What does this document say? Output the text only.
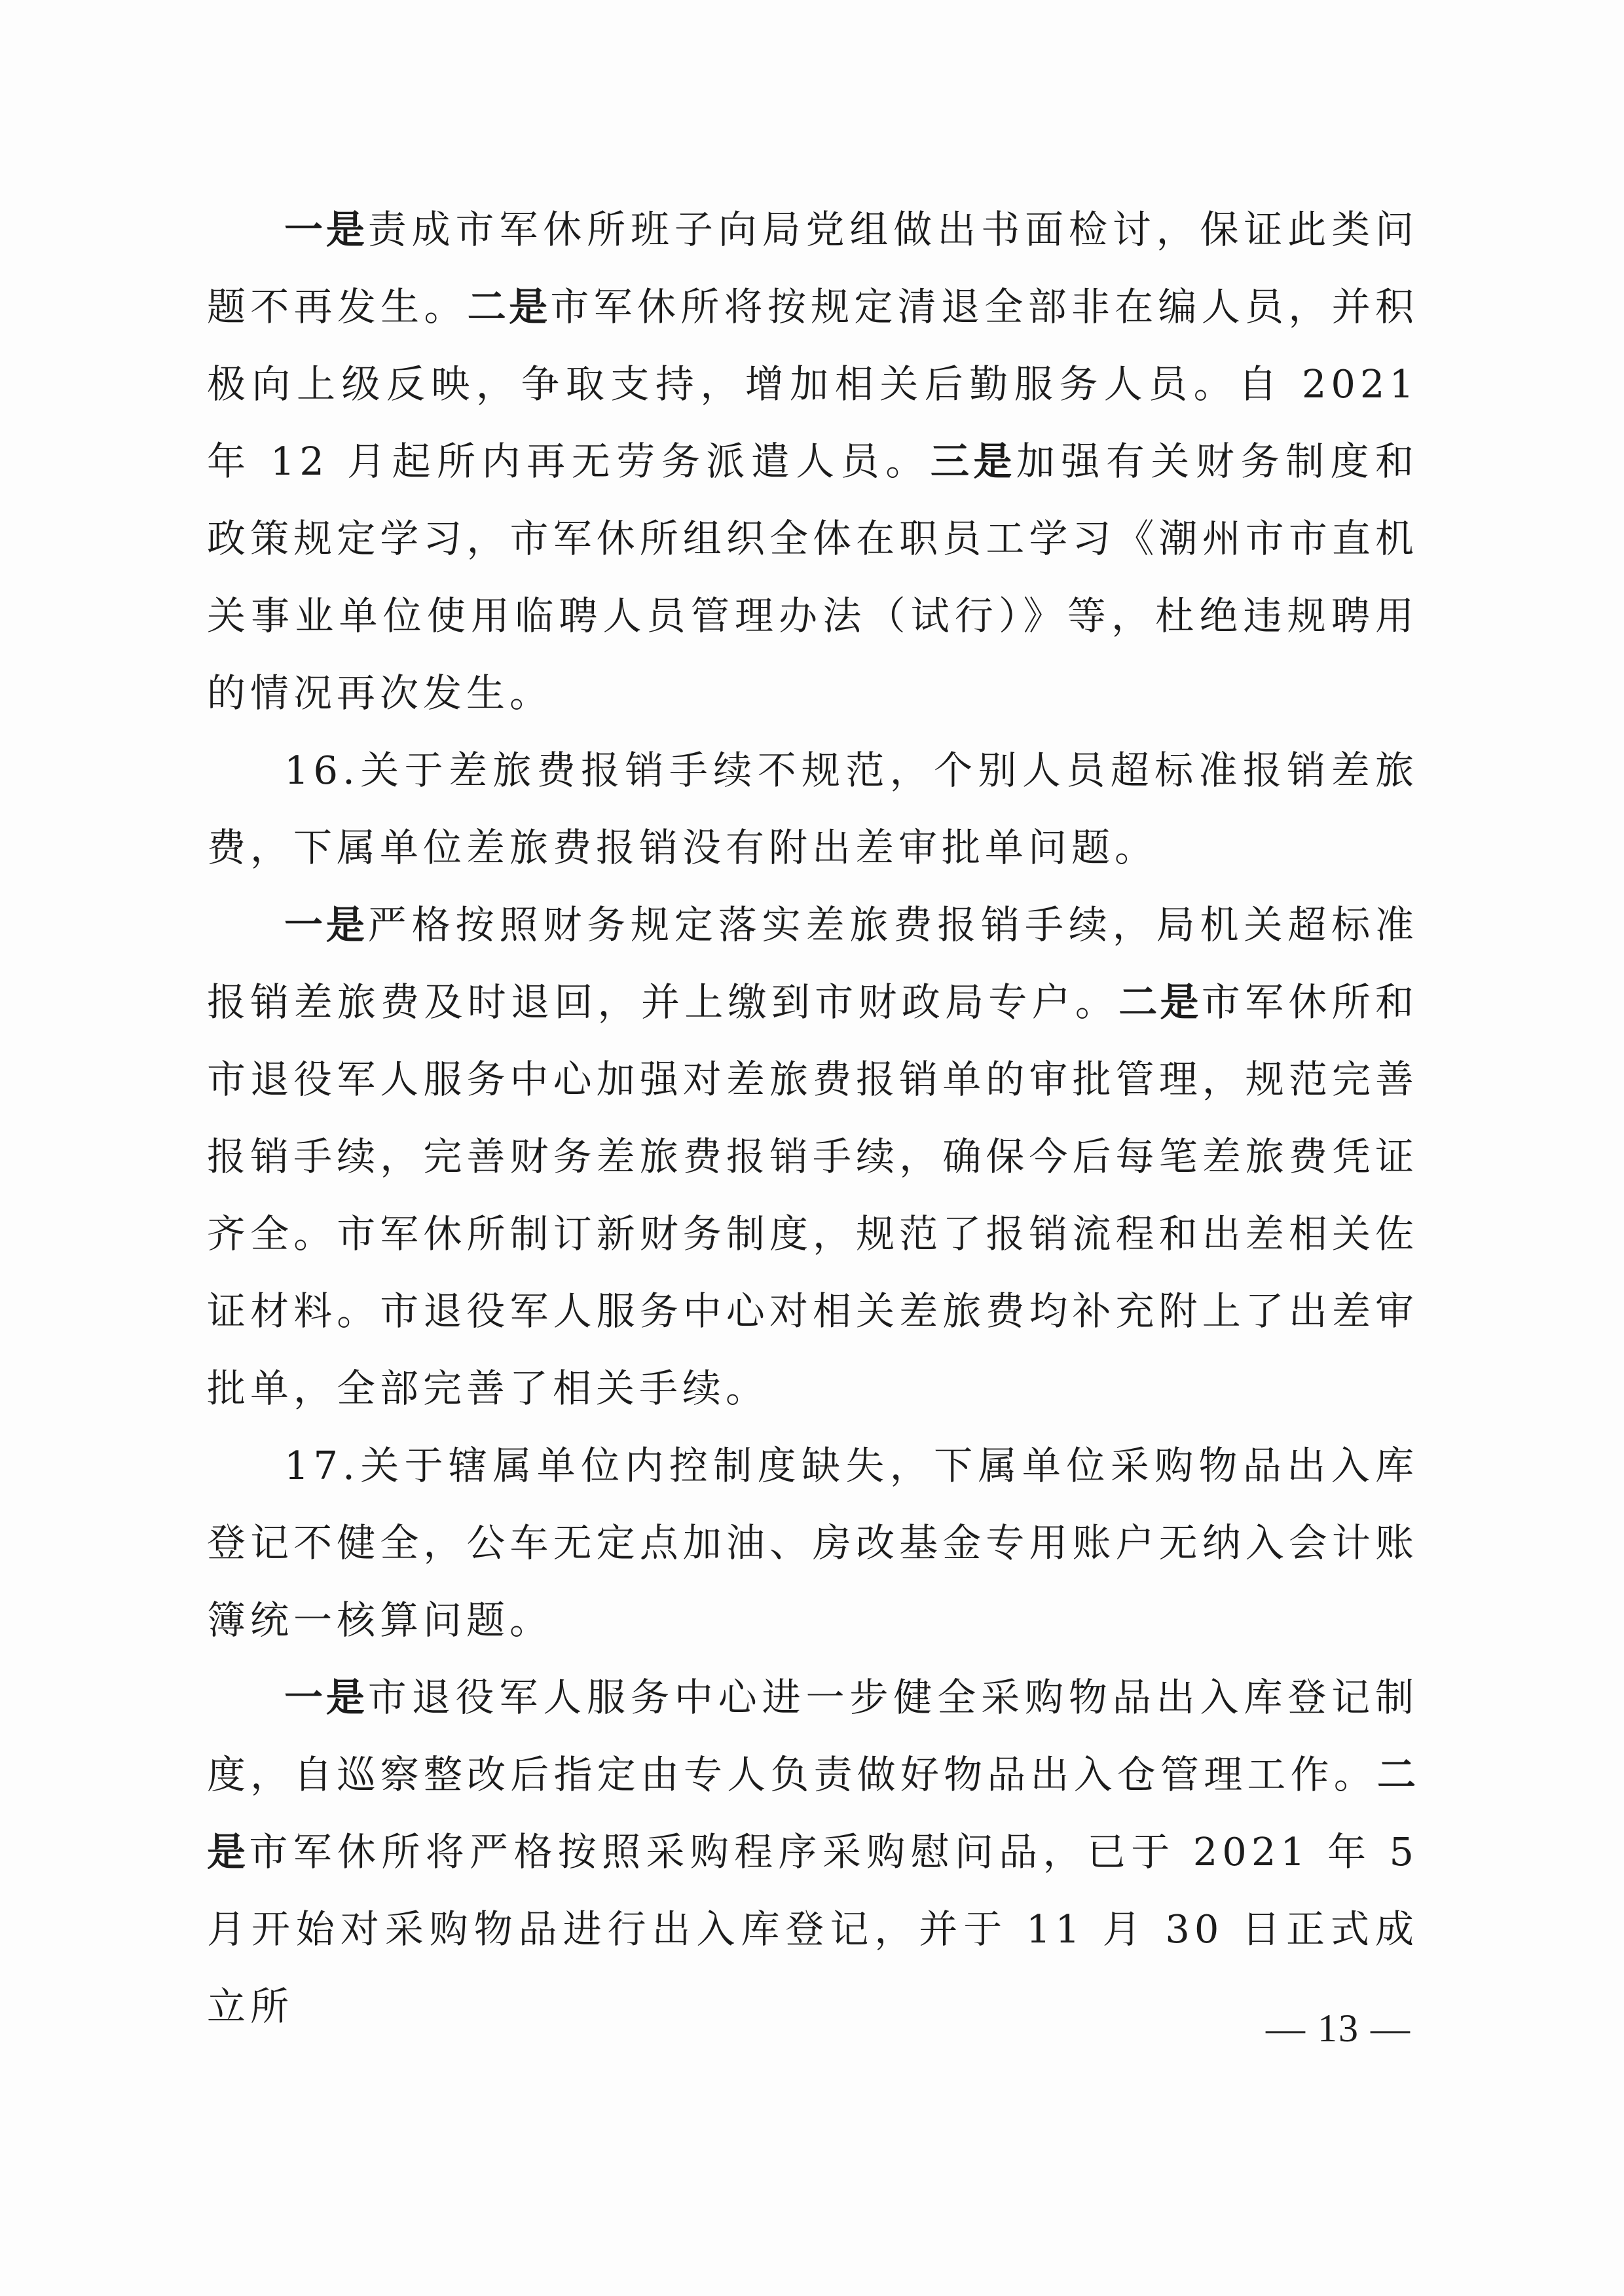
一是责成市军休所班子向局党组做出书面检讨，保证此类问题不再发生。二是市军休所将按规定清退全部非在编人员，并积极向上级反映，争取支持，增加相关后勤服务人员。自 2021 年 12 月起所内再无劳务派遣人员。三是加强有关财务制度和政策规定学习，市军休所组织全体在职员工学习《潮州市市直机关事业单位使用临聘人员管理办法（试行）》等，杜绝违规聘用的情况再次发生。

16.关于差旅费报销手续不规范，个别人员超标准报销差旅费，下属单位差旅费报销没有附出差审批单问题。

一是严格按照财务规定落实差旅费报销手续，局机关超标准报销差旅费及时退回，并上缴到市财政局专户。二是市军休所和市退役军人服务中心加强对差旅费报销单的审批管理，规范完善报销手续，完善财务差旅费报销手续，确保今后每笔差旅费凭证齐全。市军休所制订新财务制度，规范了报销流程和出差相关佐证材料。市退役军人服务中心对相关差旅费均补充附上了出差审批单，全部完善了相关手续。

17.关于辖属单位内控制度缺失，下属单位采购物品出入库登记不健全，公车无定点加油、房改基金专用账户无纳入会计账簿统一核算问题。

一是市退役军人服务中心进一步健全采购物品出入库登记制度，自巡察整改后指定由专人负责做好物品出入仓管理工作。二是市军休所将严格按照采购程序采购慰问品，已于 2021 年 5 月开始对采购物品进行出入库登记，并于 11 月 30 日正式成立所	— 13 —
